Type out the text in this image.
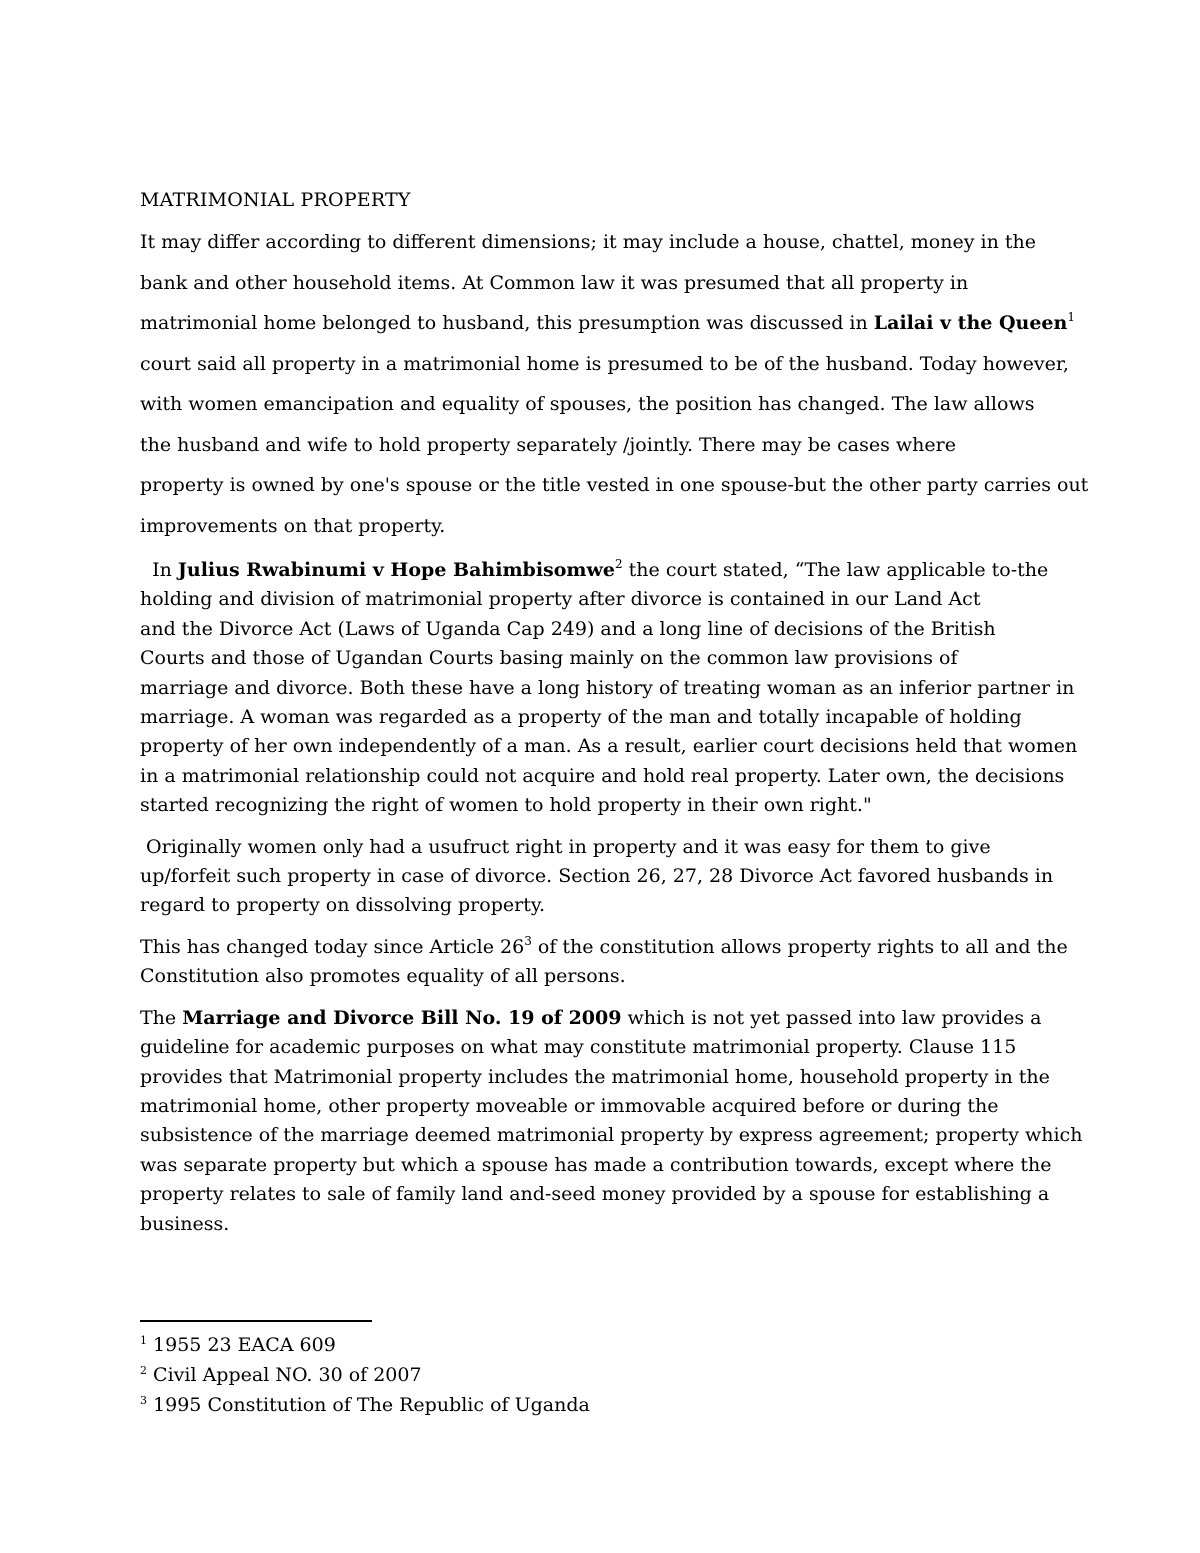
MATRIMONIAL PROPERTY
It may differ according to different dimensions; it may include a house, chattel, money in the
bank and other household items. At Common law it was presumed that all property in
matrimonial home belonged to husband, this presumption was discussed in Lailai v the Queen$^1$
court said all property in a matrimonial home is presumed to be of the husband. Today however,
with women emancipation and equality of spouses, the position has changed. The law allows
the husband and wife to hold property separately /jointly. There may be cases where
property is owned by one's spouse or the title vested in one spouse-but the other party carries out
improvements on that property.
In Julius Rwabinumi v Hope Bahimbisomwe$^2$ the court stated, “The law applicable to-the
holding and division of matrimonial property after divorce is contained in our Land Act
and the Divorce Act (Laws of Uganda Cap 249) and a long line of decisions of the British
Courts and those of Ugandan Courts basing mainly on the common law provisions of
marriage and divorce. Both these have a long history of treating woman as an inferior partner in
marriage. A woman was regarded as a property of the man and totally incapable of holding
property of her own independently of a man. As a result, earlier court decisions held that women
in a matrimonial relationship could not acquire and hold real property. Later own, the decisions
started recognizing the right of women to hold property in their own right."
Originally women only had a usufruct right in property and it was easy for them to give
up/forfeit such property in case of divorce. Section 26, 27, 28 Divorce Act favored husbands in
regard to property on dissolving property.
This has changed today since Article $26^3$ of the constitution allows property rights to all and the
Constitution also promotes equality of all persons.
The Marriage and Divorce Bill No. 19 of 2009 which is not yet passed into law provides a
guideline for academic purposes on what may constitute matrimonial property. Clause 115
provides that Matrimonial property includes the matrimonial home, household property in the
matrimonial home, other property moveable or immovable acquired before or during the
subsistence of the marriage deemed matrimonial property by express agreement; property which
was separate property but which a spouse has made a contribution towards, except where the
property relates to sale of family land and-seed money provided by a spouse for establishing a
business.
$^1$ 1955 23 EACA 609
$^2$ Civil Appeal NO. 30 of 2007
$^3$ 1995 Constitution of The Republic of Uganda
